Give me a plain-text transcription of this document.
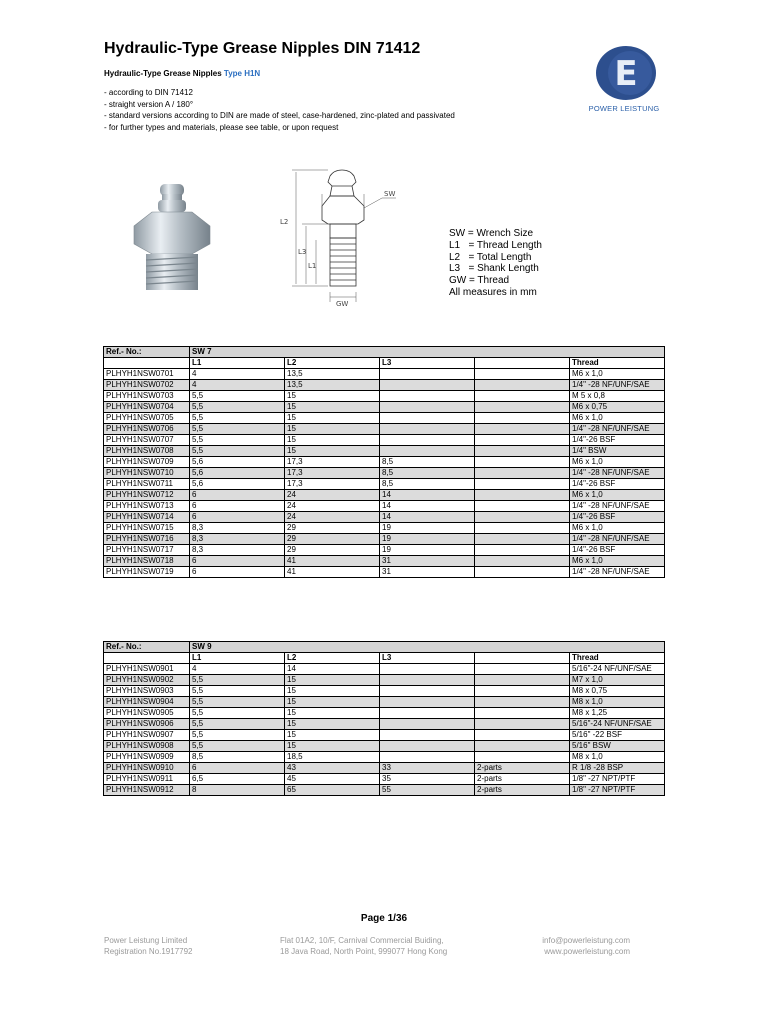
Hydraulic-Type Grease Nipples DIN 71412
Hydraulic-Type Grease Nipples Type H1N
- according to DIN 71412
- straight version A / 180°
- standard versions according to DIN are made of steel, case-hardened, zinc-plated and passivated
- for further types and materials, please see table, or upon request
E
POWER LEISTUNG
SW
L2
L3
L1
GW
SW = Wrench Size
L1   = Thread Length
L2   = Total Length
L3   = Shank Length
GW = Thread
All measures in mm
Ref.- No.:	SW 7				
	L1	L2	L3		Thread
PLHYH1NSW0701	4	13,5			M6 x 1,0
PLHYH1NSW0702	4	13,5			1/4" -28 NF/UNF/SAE
PLHYH1NSW0703	5,5	15			M 5 x 0,8
PLHYH1NSW0704	5,5	15			M6 x 0,75
PLHYH1NSW0705	5,5	15			M6 x 1,0
PLHYH1NSW0706	5,5	15			1/4" -28 NF/UNF/SAE
PLHYH1NSW0707	5,5	15			1/4"-26 BSF
PLHYH1NSW0708	5,5	15			1/4" BSW
PLHYH1NSW0709	5,6	17,3	8,5		M6 x 1,0
PLHYH1NSW0710	5,6	17,3	8,5		1/4" -28 NF/UNF/SAE
PLHYH1NSW0711	5,6	17,3	8,5		1/4"-26 BSF
PLHYH1NSW0712	6	24	14		M6 x 1,0
PLHYH1NSW0713	6	24	14		1/4" -28 NF/UNF/SAE
PLHYH1NSW0714	6	24	14		1/4"-26 BSF
PLHYH1NSW0715	8,3	29	19		M6 x 1,0
PLHYH1NSW0716	8,3	29	19		1/4" -28 NF/UNF/SAE
PLHYH1NSW0717	8,3	29	19		1/4"-26 BSF
PLHYH1NSW0718	6	41	31		M6 x 1,0
PLHYH1NSW0719	6	41	31		1/4" -28 NF/UNF/SAE
Ref.- No.:	SW 9				
	L1	L2	L3		Thread
PLHYH1NSW0901	4	14			5/16"-24 NF/UNF/SAE
PLHYH1NSW0902	5,5	15			M7 x 1,0
PLHYH1NSW0903	5,5	15			M8 x 0,75
PLHYH1NSW0904	5,5	15			M8 x 1,0
PLHYH1NSW0905	5,5	15			M8 x 1,25
PLHYH1NSW0906	5,5	15			5/16"-24 NF/UNF/SAE
PLHYH1NSW0907	5,5	15			5/16" -22 BSF
PLHYH1NSW0908	5,5	15			5/16" BSW
PLHYH1NSW0909	8,5	18,5			M8 x 1,0
PLHYH1NSW0910	6	43	33	2-parts	R 1/8 -28 BSP
PLHYH1NSW0911	6,5	45	35	2-parts	1/8" -27 NPT/PTF
PLHYH1NSW0912	8	65	55	2-parts	1/8" -27 NPT/PTF
Page 1/36
Power Leistung Limited
Registration No.1917792
Flat 01A2, 10/F, Carnival Commercial Buiding,
18 Java Road, North Point, 999077 Hong Kong
info@powerleistung.com
www.powerleistung.com
